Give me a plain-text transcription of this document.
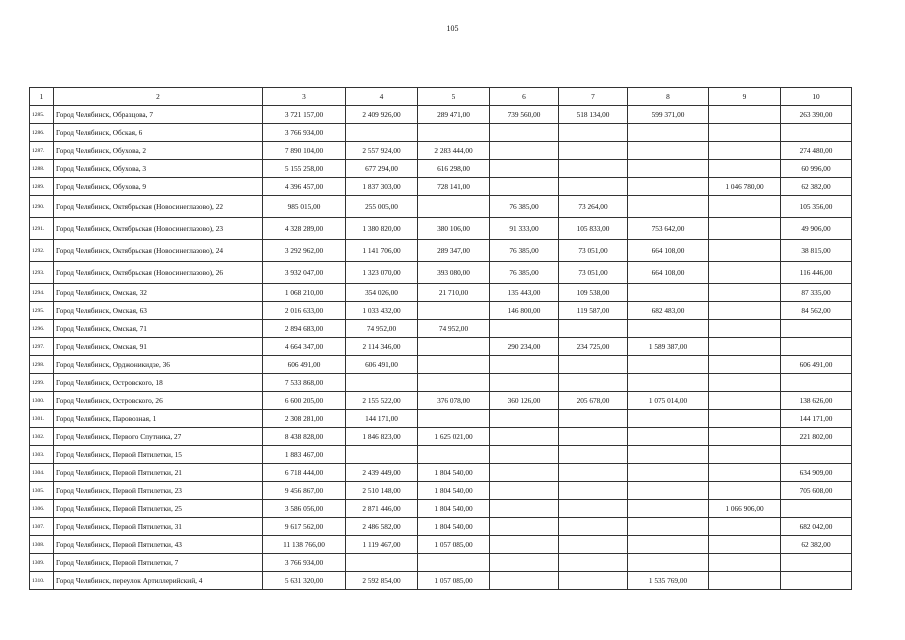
105
1	2	3	4	5	6	7	8	9	10
1285.	Город Челябинск, Образцова, 7	3 721 157,00	2 409 926,00	289 471,00	739 560,00	518 134,00	599 371,00		263 390,00
1286.	Город Челябинск, Обская, 6	3 766 934,00							
1287.	Город Челябинск, Обухова, 2	7 890 104,00	2 557 924,00	2 283 444,00					274 480,00
1288.	Город Челябинск, Обухова, 3	5 155 258,00	677 294,00	616 298,00					60 996,00
1289.	Город Челябинск, Обухова, 9	4 396 457,00	1 837 303,00	728 141,00				1 046 780,00	62 382,00
1290.	Город Челябинск, Октябрьская (Новосинеглазово), 22	985 015,00	255 005,00		76 385,00	73 264,00			105 356,00
1291.	Город Челябинск, Октябрьская (Новосинеглазово), 23	4 328 289,00	1 380 820,00	380 106,00	91 333,00	105 833,00	753 642,00		49 906,00
1292.	Город Челябинск, Октябрьская (Новосинеглазово), 24	3 292 962,00	1 141 706,00	289 347,00	76 385,00	73 051,00	664 108,00		38 815,00
1293.	Город Челябинск, Октябрьская (Новосинеглазово), 26	3 932 047,00	1 323 070,00	393 080,00	76 385,00	73 051,00	664 108,00		116 446,00
1294.	Город Челябинск, Омская, 32	1 068 210,00	354 026,00	21 710,00	135 443,00	109 538,00			87 335,00
1295.	Город Челябинск, Омская, 63	2 016 633,00	1 033 432,00		146 800,00	119 587,00	682 483,00		84 562,00
1296.	Город Челябинск, Омская, 71	2 894 683,00	74 952,00	74 952,00					
1297.	Город Челябинск, Омская, 91	4 664 347,00	2 114 346,00		290 234,00	234 725,00	1 589 387,00		
1298.	Город Челябинск, Орджоникидзе, 36	606 491,00	606 491,00						606 491,00
1299.	Город Челябинск, Островского, 18	7 533 868,00							
1300.	Город Челябинск, Островского, 26	6 600 205,00	2 155 522,00	376 078,00	360 126,00	205 678,00	1 075 014,00		138 626,00
1301.	Город Челябинск, Паровозная, 1	2 308 281,00	144 171,00						144 171,00
1302.	Город Челябинск, Первого Спутника, 27	8 438 828,00	1 846 823,00	1 625 021,00					221 802,00
1303.	Город Челябинск, Первой Пятилетки, 15	1 883 467,00							
1304.	Город Челябинск, Первой Пятилетки, 21	6 718 444,00	2 439 449,00	1 804 540,00					634 909,00
1305.	Город Челябинск, Первой Пятилетки, 23	9 456 867,00	2 510 148,00	1 804 540,00					705 608,00
1306.	Город Челябинск, Первой Пятилетки, 25	3 586 056,00	2 871 446,00	1 804 540,00				1 066 906,00	
1307.	Город Челябинск, Первой Пятилетки, 31	9 617 562,00	2 486 582,00	1 804 540,00					682 042,00
1308.	Город Челябинск, Первой Пятилетки, 43	11 138 766,00	1 119 467,00	1 057 085,00					62 382,00
1309.	Город Челябинск, Первой Пятилетки, 7	3 766 934,00							
1310.	Город Челябинск, переулок Артиллерийский, 4	5 631 320,00	2 592 854,00	1 057 085,00			1 535 769,00		
